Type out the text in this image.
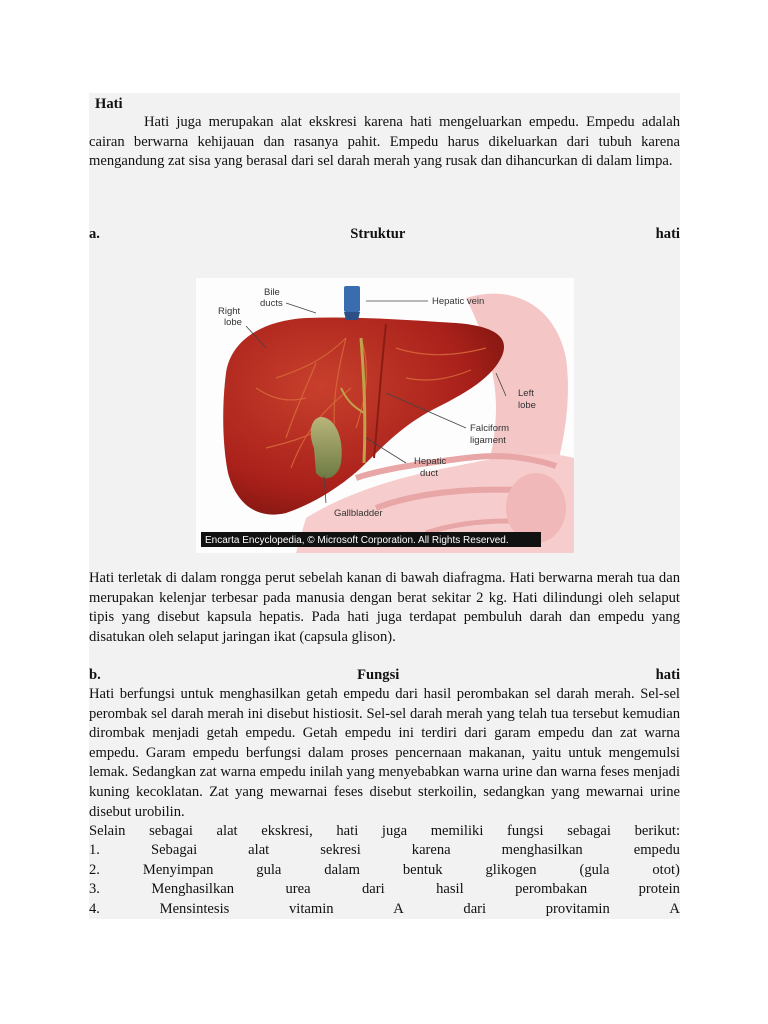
Hati
Hati juga merupakan alat ekskresi karena hati mengeluarkan empedu. Empedu adalah cairan berwarna kehijauan dan rasanya pahit. Empedu harus dikeluarkan dari tubuh karena mengandung zat sisa yang berasal dari sel darah merah yang rusak dan dihancurkan di dalam limpa.
a.	Struktur	hati
Bile
ducts
Right
lobe
Hepatic vein
Left
lobe
Falciform
ligament
Hepatic
duct
Gallbladder
Encarta Encyclopedia, © Microsoft Corporation. All Rights Reserved.
Hati terletak di dalam rongga perut sebelah kanan di bawah diafragma. Hati berwarna merah tua dan merupakan kelenjar terbesar pada manusia dengan berat sekitar 2 kg. Hati dilindungi oleh selaput tipis yang disebut kapsula hepatis. Pada hati juga terdapat pembuluh darah dan empedu yang disatukan oleh selaput jaringan ikat (capsula glison).
b.	Fungsi	hati
Hati berfungsi untuk menghasilkan getah empedu dari hasil perombakan sel darah merah. Sel-sel perombak sel darah merah ini disebut histiosit. Sel-sel darah merah yang telah tua tersebut kemudian dirombak menjadi getah empedu. Getah empedu ini terdiri dari garam empedu dan zat warna empedu. Garam empedu berfungsi dalam proses pencernaan makanan, yaitu untuk mengemulsi lemak. Sedangkan zat warna empedu inilah yang menyebabkan warna urine dan warna feses menjadi kuning kecoklatan. Zat yang mewarnai feses disebut sterkoilin, sedangkan yang mewarnai urine disebut urobilin.
Selain sebagai alat ekskresi, hati juga memiliki fungsi sebagai berikut:
1.	Sebagai	alat	sekresi	karena	menghasilkan	empedu
2.	Menyimpan	gula	dalam	bentuk	glikogen	(gula	otot)
3.	Menghasilkan	urea	dari	hasil	perombakan	protein
4.	Mensintesis	vitamin	A	dari	provitamin	A
